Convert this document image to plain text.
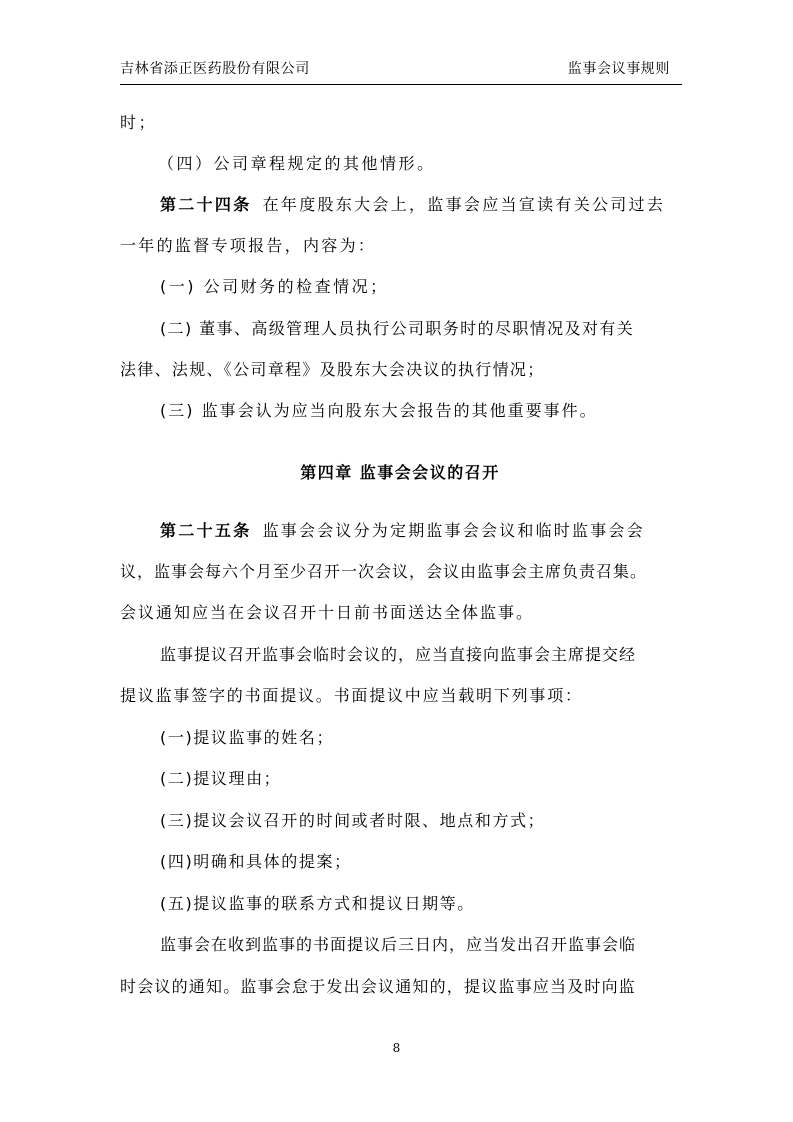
吉林省添正医药股份有限公司	监事会议事规则
时；
（四）公司章程规定的其他情形。
第二十四条 在年度股东大会上，监事会应当宣读有关公司过去
一年的监督专项报告，内容为：
(一) 公司财务的检查情况；
(二) 董事、高级管理人员执行公司职务时的尽职情况及对有关
法律、法规、《公司章程》及股东大会决议的执行情况；
(三) 监事会认为应当向股东大会报告的其他重要事件。
第四章 监事会会议的召开
第二十五条 监事会会议分为定期监事会会议和临时监事会会
议，监事会每六个月至少召开一次会议，会议由监事会主席负责召集。
会议通知应当在会议召开十日前书面送达全体监事。
监事提议召开监事会临时会议的，应当直接向监事会主席提交经
提议监事签字的书面提议。书面提议中应当载明下列事项：
(一)提议监事的姓名；
(二)提议理由；
(三)提议会议召开的时间或者时限、地点和方式；
(四)明确和具体的提案；
(五)提议监事的联系方式和提议日期等。
监事会在收到监事的书面提议后三日内，应当发出召开监事会临
时会议的通知。监事会怠于发出会议通知的，提议监事应当及时向监
8
